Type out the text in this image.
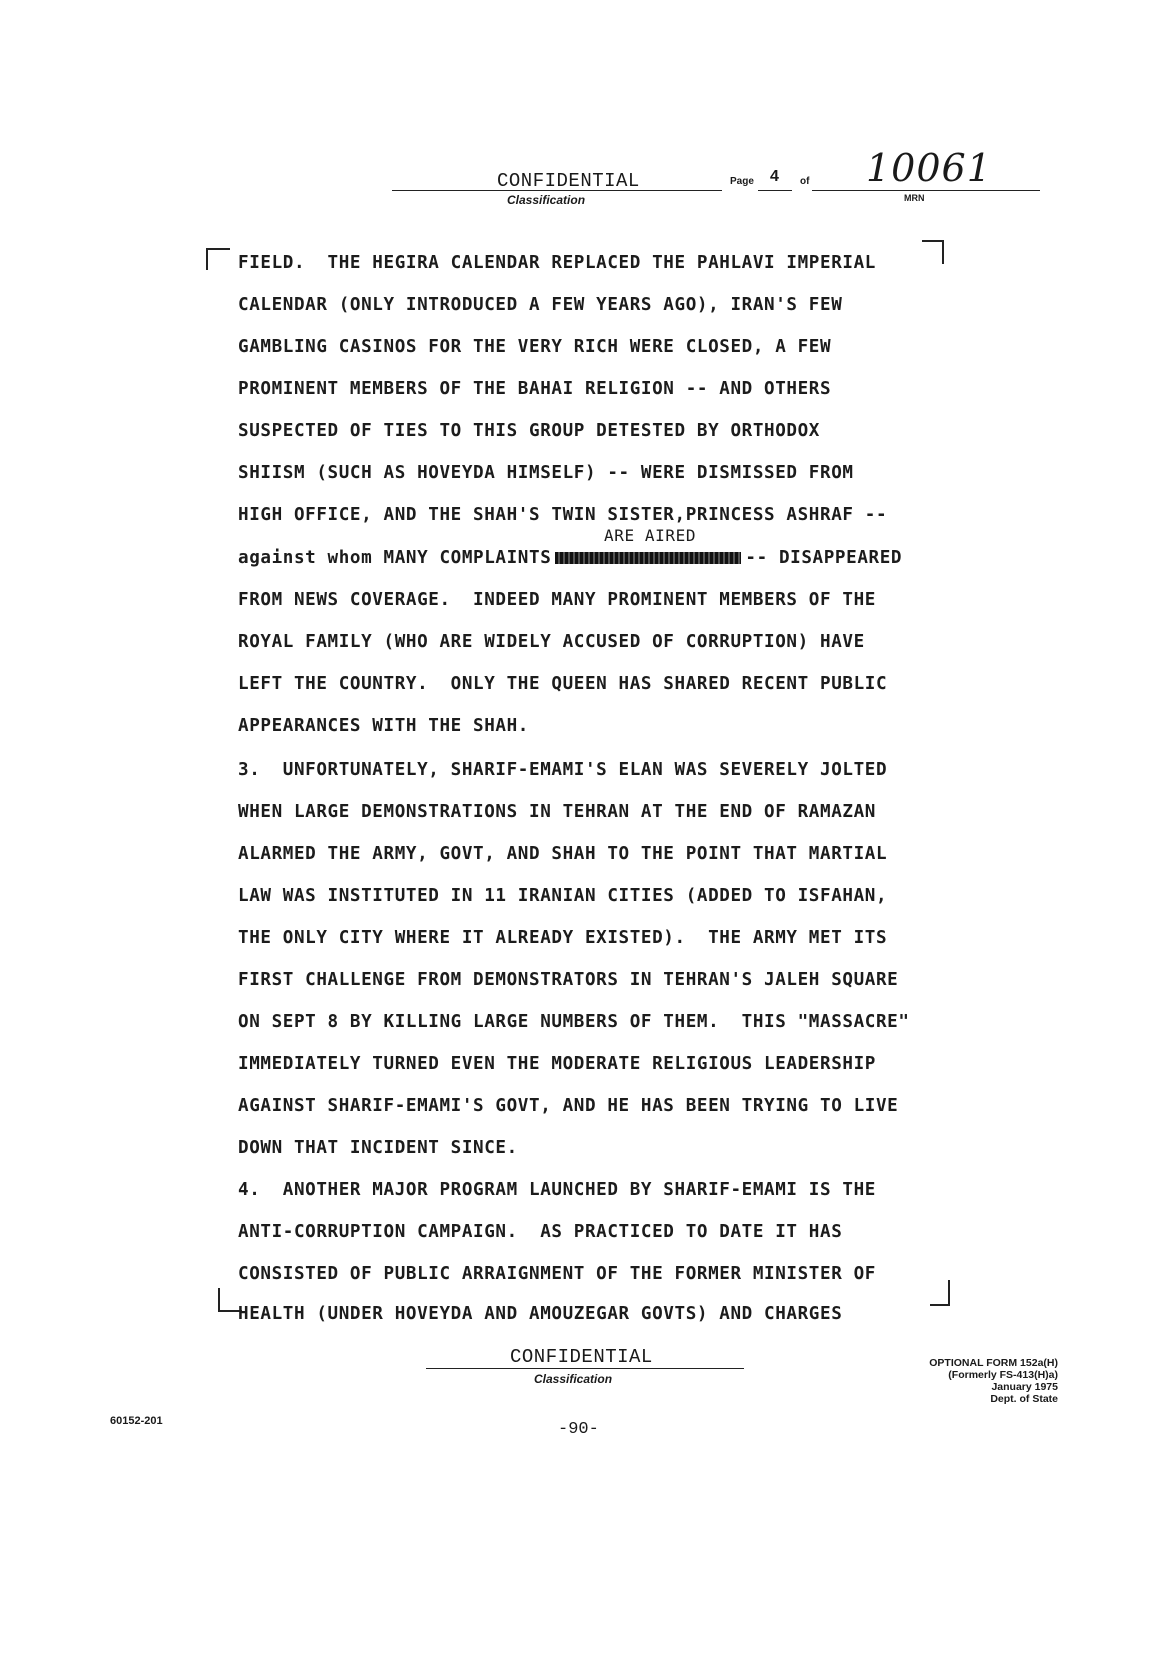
CONFIDENTIAL
Classification
Page 4 of 10061
MRN
FIELD.  THE HEGIRA CALENDAR REPLACED THE PAHLAVI IMPERIAL
CALENDAR (ONLY INTRODUCED A FEW YEARS AGO), IRAN'S FEW
GAMBLING CASINOS FOR THE VERY RICH WERE CLOSED, A FEW
PROMINENT MEMBERS OF THE BAHAI RELIGION -- AND OTHERS
SUSPECTED OF TIES TO THIS GROUP DETESTED BY ORTHODOX
SHIISM (SUCH AS HOVEYDA HIMSELF) -- WERE DISMISSED FROM
HIGH OFFICE, AND THE SHAH'S TWIN SISTER,PRINCESS ASHRAF --
ARE AIRED
against whom MANY COMPLAINTS	-- DISAPPEARED
FROM NEWS COVERAGE.  INDEED MANY PROMINENT MEMBERS OF THE
ROYAL FAMILY (WHO ARE WIDELY ACCUSED OF CORRUPTION) HAVE
LEFT THE COUNTRY.  ONLY THE QUEEN HAS SHARED RECENT PUBLIC
APPEARANCES WITH THE SHAH.
3.  UNFORTUNATELY, SHARIF-EMAMI'S ELAN WAS SEVERELY JOLTED
WHEN LARGE DEMONSTRATIONS IN TEHRAN AT THE END OF RAMAZAN
ALARMED THE ARMY, GOVT, AND SHAH TO THE POINT THAT MARTIAL
LAW WAS INSTITUTED IN 11 IRANIAN CITIES (ADDED TO ISFAHAN,
THE ONLY CITY WHERE IT ALREADY EXISTED).  THE ARMY MET ITS
FIRST CHALLENGE FROM DEMONSTRATORS IN TEHRAN'S JALEH SQUARE
ON SEPT 8 BY KILLING LARGE NUMBERS OF THEM.  THIS "MASSACRE"
IMMEDIATELY TURNED EVEN THE MODERATE RELIGIOUS LEADERSHIP
AGAINST SHARIF-EMAMI'S GOVT, AND HE HAS BEEN TRYING TO LIVE
DOWN THAT INCIDENT SINCE.
4.  ANOTHER MAJOR PROGRAM LAUNCHED BY SHARIF-EMAMI IS THE
ANTI-CORRUPTION CAMPAIGN.  AS PRACTICED TO DATE IT HAS
CONSISTED OF PUBLIC ARRAIGNMENT OF THE FORMER MINISTER OF
HEALTH (UNDER HOVEYDA AND AMOUZEGAR GOVTS) AND CHARGES
CONFIDENTIAL
Classification
OPTIONAL FORM 152a(H)
(Formerly FS-413(H)a)
January 1975
Dept. of State
60152-201	-90-
